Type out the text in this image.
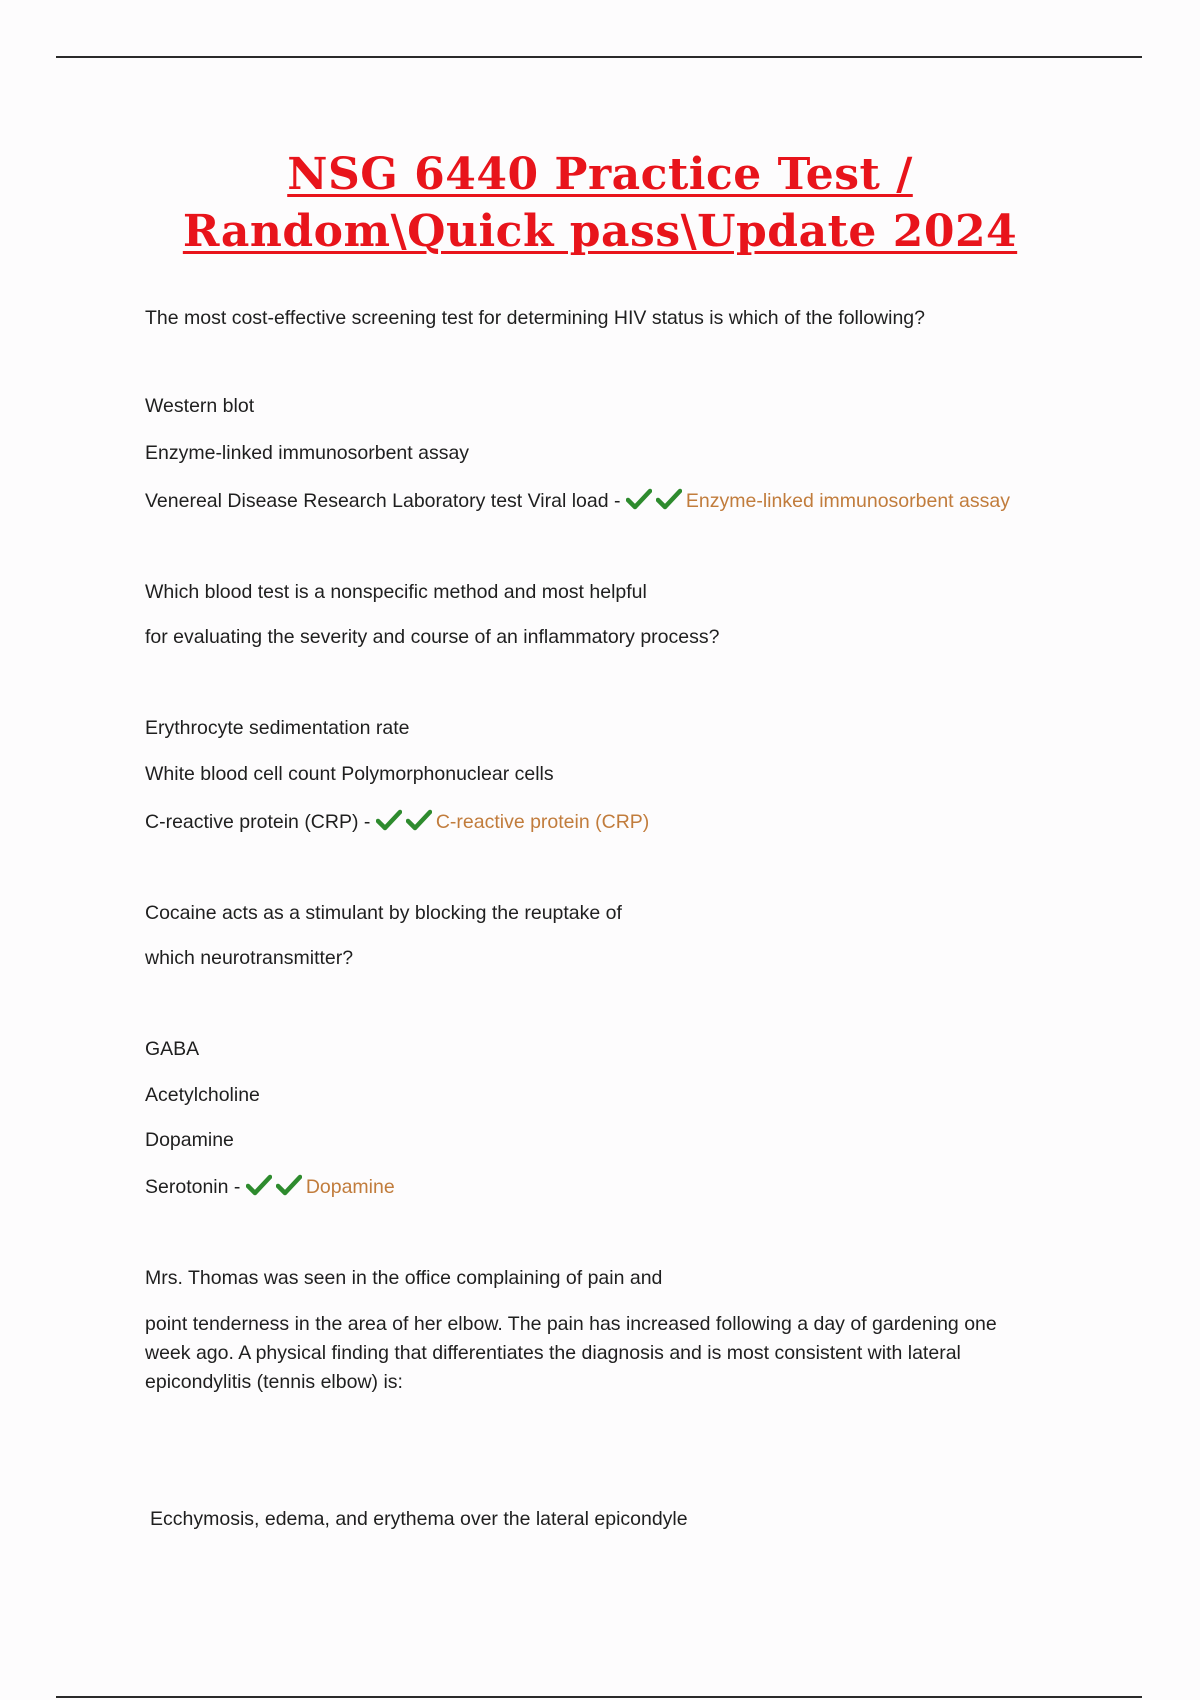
NSG 6440 Practice Test /
Random\Quick pass\Update 2024
The most cost-effective screening test for determining HIV status is which of the following?
Western blot
Enzyme-linked immunosorbent assay
Venereal Disease Research Laboratory test Viral load -	Enzyme-linked immunosorbent assay
Which blood test is a nonspecific method and most helpful
for evaluating the severity and course of an inflammatory process?
Erythrocyte sedimentation rate
White blood cell count Polymorphonuclear cells
C-reactive protein (CRP) -	C-reactive protein (CRP)
Cocaine acts as a stimulant by blocking the reuptake of
which neurotransmitter?
GABA
Acetylcholine
Dopamine
Serotonin -	Dopamine
Mrs. Thomas was seen in the office complaining of pain and
point tenderness in the area of her elbow. The pain has increased following a day of gardening one week ago. A physical finding that differentiates the diagnosis and is most consistent with lateral epicondylitis (tennis elbow) is:
Ecchymosis, edema, and erythema over the lateral epicondyle
